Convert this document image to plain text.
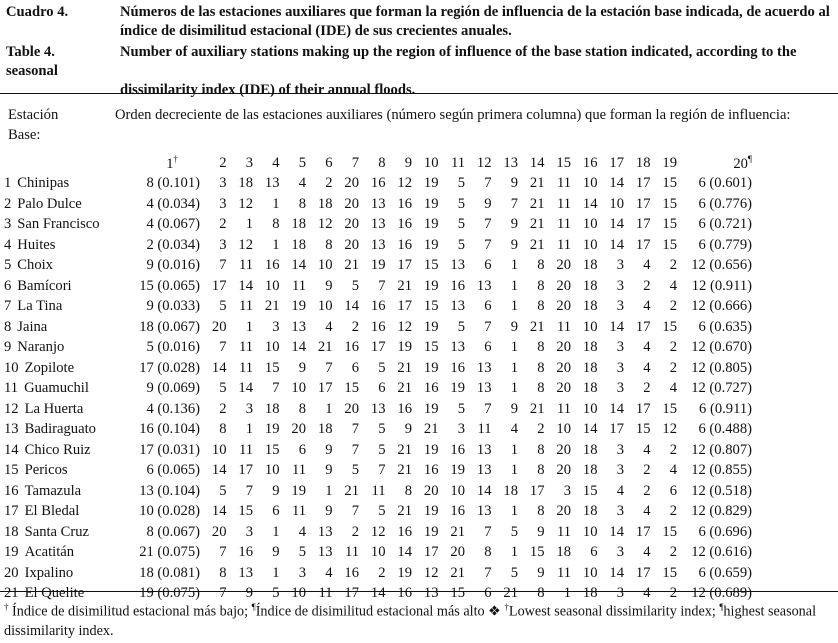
Cuadro 4.	Números de las estaciones auxiliares que forman la región de influencia de la estación base indicada, de acuerdo al
índice de disimilitud estacional (IDE) de sus crecientes anuales.
Table 4.	Number of auxiliary stations making up the region of influence of the base station indicated, according to the seasonal
dissimilarity index (IDE) of their annual floods.
Estación
Base:
Orden decreciente de las estaciones auxiliares (número según primera columna) que forman la región de influencia:
	1†	2	3	4	5	6	7	8	9	10	11	12	13	14	15	16	17	18	19	20¶
1 Chinipas	8 (0.101)	3	18	13	4	2	20	16	12	19	5	7	9	21	11	10	14	17	15	6 (0.601)
2 Palo Dulce	4 (0.034)	3	12	1	8	18	20	13	16	19	5	9	7	21	11	14	10	17	15	6 (0.776)
3 San Francisco	4 (0.067)	2	1	8	18	12	20	13	16	19	5	7	9	21	11	10	14	17	15	6 (0.721)
4 Huites	2 (0.034)	3	12	1	18	8	20	13	16	19	5	7	9	21	11	10	14	17	15	6 (0.779)
5 Choix	9 (0.016)	7	11	16	14	10	21	19	17	15	13	6	1	8	20	18	3	4	2	12 (0.656)
6 Bamícori	15 (0.065)	17	14	10	11	9	5	7	21	19	16	13	1	8	20	18	3	2	4	12 (0.911)
7 La Tina	9 (0.033)	5	11	21	19	10	14	16	17	15	13	6	1	8	20	18	3	4	2	12 (0.666)
8 Jaina	18 (0.067)	20	1	3	13	4	2	16	12	19	5	7	9	21	11	10	14	17	15	6 (0.635)
9 Naranjo	5 (0.016)	7	11	10	14	21	16	17	19	15	13	6	1	8	20	18	3	4	2	12 (0.670)
10 Zopilote	17 (0.028)	14	11	15	9	7	6	5	21	19	16	13	1	8	20	18	3	4	2	12 (0.805)
11 Guamuchil	9 (0.069)	5	14	7	10	17	15	6	21	16	19	13	1	8	20	18	3	2	4	12 (0.727)
12 La Huerta	4 (0.136)	2	3	18	8	1	20	13	16	19	5	7	9	21	11	10	14	17	15	6 (0.911)
13 Badiraguato	16 (0.104)	8	1	19	20	18	7	5	9	21	3	11	4	2	10	14	17	15	12	6 (0.488)
14 Chico Ruiz	17 (0.031)	10	11	15	6	9	7	5	21	19	16	13	1	8	20	18	3	4	2	12 (0.807)
15 Pericos	6 (0.065)	14	17	10	11	9	5	7	21	16	19	13	1	8	20	18	3	2	4	12 (0.855)
16 Tamazula	13 (0.104)	5	7	9	19	1	21	11	8	20	10	14	18	17	3	15	4	2	6	12 (0.518)
17 El Bledal	10 (0.028)	14	15	6	11	9	7	5	21	19	16	13	1	8	20	18	3	4	2	12 (0.829)
18 Santa Cruz	8 (0.067)	20	3	1	4	13	2	12	16	19	21	7	5	9	11	10	14	17	15	6 (0.696)
19 Acatitán	21 (0.075)	7	16	9	5	13	11	10	14	17	20	8	1	15	18	6	3	4	2	12 (0.616)
20 Ixpalino	18 (0.081)	8	13	1	3	4	16	2	19	12	21	7	5	9	11	10	14	17	15	6 (0.659)
21 El Quelite	19 (0.075)	7	9	5	10	11	17	14	16	13	15	6	21	8	1	18	3	4	2	12 (0.689)
† Índice de disimilitud estacional más bajo; ¶Índice de disimilitud estacional más alto ❖ †Lowest seasonal dissimilarity index; ¶highest seasonal dissimilarity index.
